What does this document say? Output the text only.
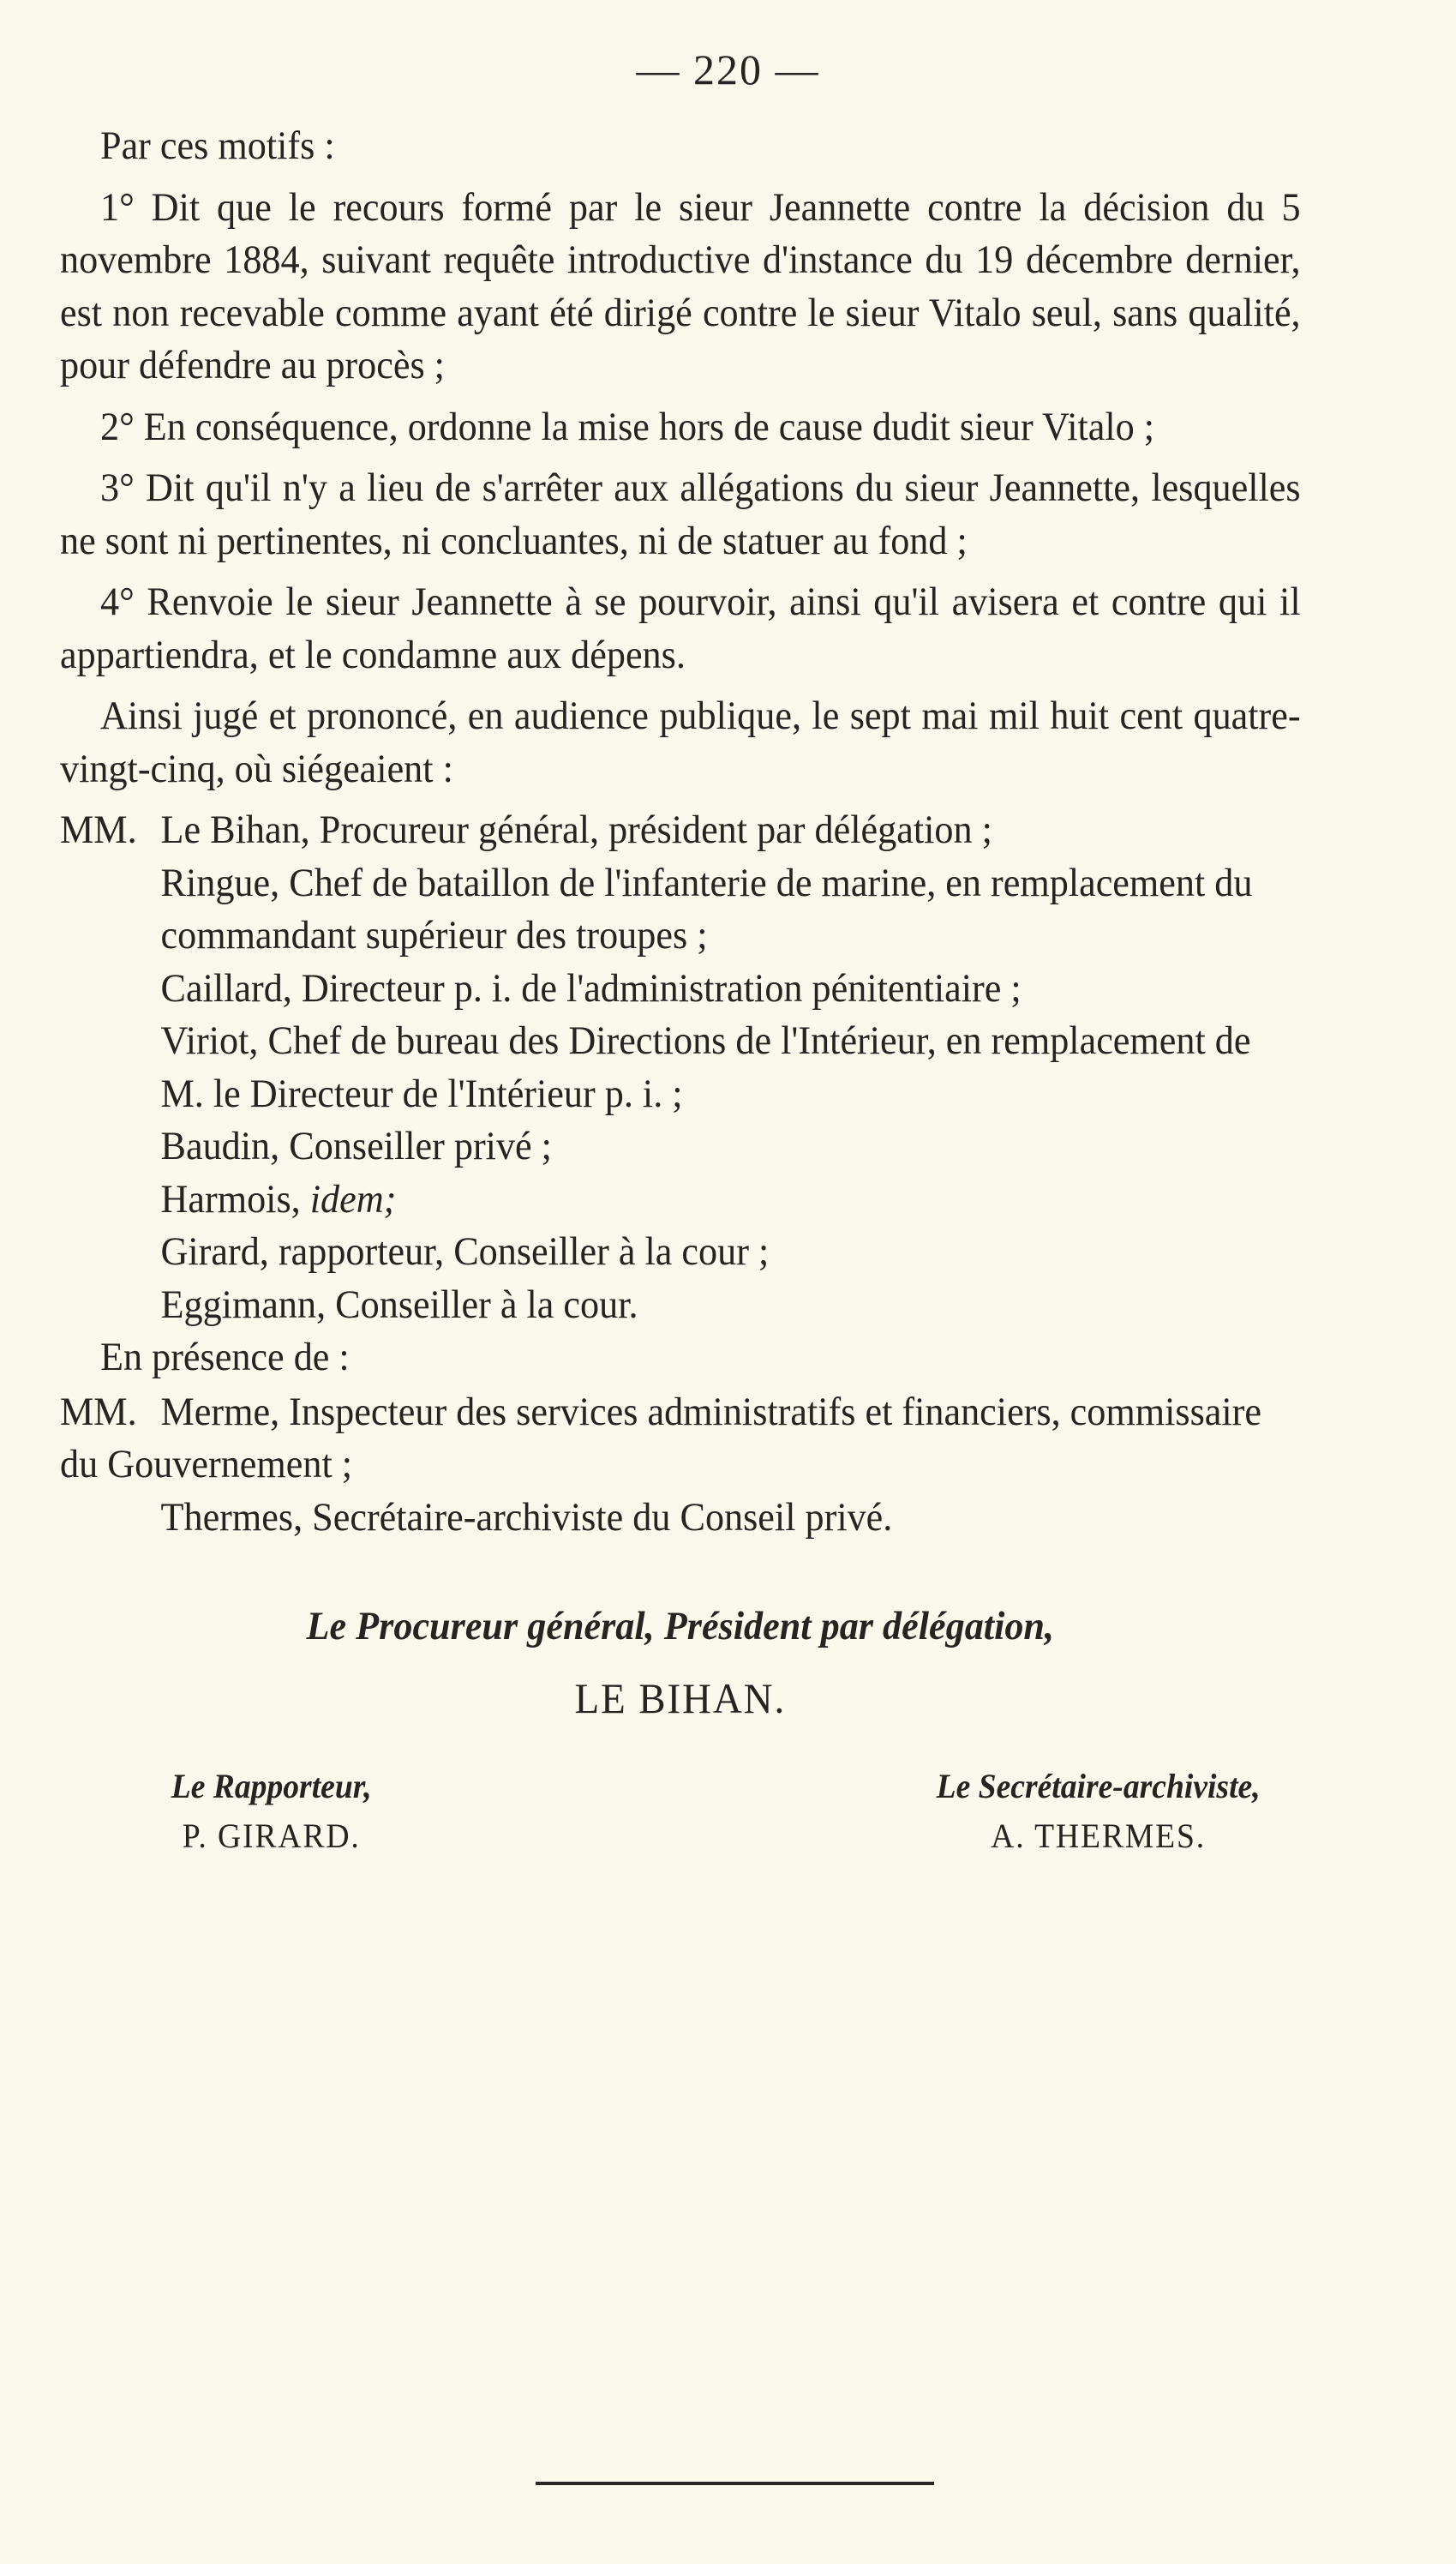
— 220 —

Par ces motifs :

1° Dit que le recours formé par le sieur Jeannette contre la décision du 5 novembre 1884, suivant requête introductive d'instance du 19 décembre dernier, est non recevable comme ayant été dirigé contre le sieur Vitalo seul, sans qualité, pour défendre au procès ;

2° En conséquence, ordonne la mise hors de cause dudit sieur Vitalo ;

3° Dit qu'il n'y a lieu de s'arrêter aux allégations du sieur Jeannette, lesquelles ne sont ni pertinentes, ni concluantes, ni de statuer au fond ;

4° Renvoie le sieur Jeannette à se pourvoir, ainsi qu'il avisera et contre qui il appartiendra, et le condamne aux dépens.

Ainsi jugé et prononcé, en audience publique, le sept mai mil huit cent quatre-vingt-cinq, où siégeaient :

MM. Le Bihan, Procureur général, président par délégation ;

Ringue, Chef de bataillon de l'infanterie de marine, en remplacement du commandant supérieur des troupes ;

Caillard, Directeur p. i. de l'administration pénitentiaire ;

Viriot, Chef de bureau des Directions de l'Intérieur, en remplacement de M. le Directeur de l'Intérieur p. i. ;

Baudin, Conseiller privé ;

Harmois, idem;

Girard, rapporteur, Conseiller à la cour ;

Eggimann, Conseiller à la cour.

En présence de :

MM. Merme, Inspecteur des services administratifs et financiers, commissaire du Gouvernement ;

Thermes, Secrétaire-archiviste du Conseil privé.

Le Procureur général, Président par délégation,

LE BIHAN.

Le Rapporteur,
P. GIRARD.
Le Secrétaire-archiviste,
A. THERMES.
